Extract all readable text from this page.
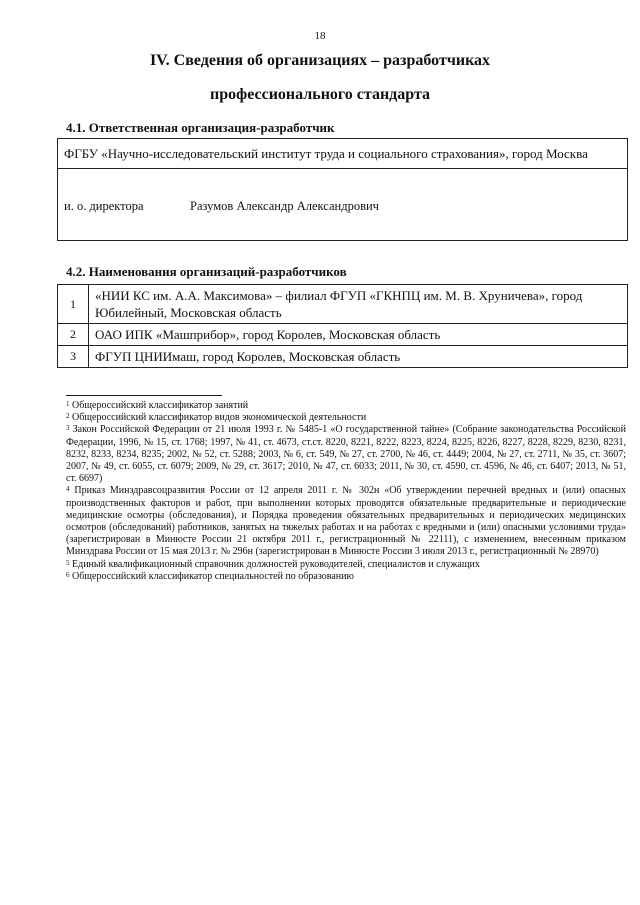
18
IV. Сведения об организациях – разработчиках
профессионального стандарта
4.1. Ответственная организация-разработчик
ФГБУ «Научно-исследовательский институт труда и социального страхования», город Москва
и. о. директора	Разумов Александр Александрович
4.2. Наименования организаций-разработчиков
1	«НИИ КС им. А.А. Максимова» – филиал ФГУП «ГКНПЦ им. М. В. Хруничева», город Юбилейный, Московская область
2	ОАО ИПК «Машприбор», город Королев, Московская область
3	ФГУП ЦНИИмаш, город Королев, Московская область

$^1$ Общероссийский классификатор занятий

$^2$ Общероссийский классификатор видов экономической деятельности

$^3$ Закон Российской Федерации от 21 июля 1993 г. № 5485-1 «О государственной тайне» (Собрание законодательства Российской Федерации, 1996, № 15, ст. 1768; 1997, № 41, ст. 4673, ст.ст. 8220, 8221, 8222, 8223, 8224, 8225, 8226, 8227, 8228, 8229, 8230, 8231, 8232, 8233, 8234, 8235; 2002, № 52, ст. 5288; 2003, № 6, ст. 549, № 27, ст. 2700, № 46, ст. 4449; 2004, № 27, ст. 2711, № 35, ст. 3607; 2007, № 49, ст. 6055, ст. 6079; 2009, № 29, ст. 3617; 2010, № 47, ст. 6033; 2011, № 30, ст. 4590, ст. 4596, № 46, ст. 6407; 2013, № 51, ст. 6697)

$^4$ Приказ Минздравсоцразвития России от 12 апреля 2011 г. № 302н «Об утверждении перечней вредных и (или) опасных производственных факторов и работ, при выполнении которых проводятся обязательные предварительные и периодические медицинские осмотры (обследования), и Порядка проведения обязательных предварительных и периодических медицинских осмотров (обследований) работников, занятых на тяжелых работах и на работах с вредными и (или) опасными условиями труда» (зарегистрирован в Минюсте России 21 октября 2011 г., регистрационный № 22111), с изменением, внесенным приказом Минздрава России от 15 мая 2013 г. № 296н (зарегистрирован в Минюсте России 3 июля 2013 г., регистрационный № 28970)

$^5$ Единый квалификационный справочник должностей руководителей, специалистов и служащих

$^6$ Общероссийский классификатор специальностей по образованию
